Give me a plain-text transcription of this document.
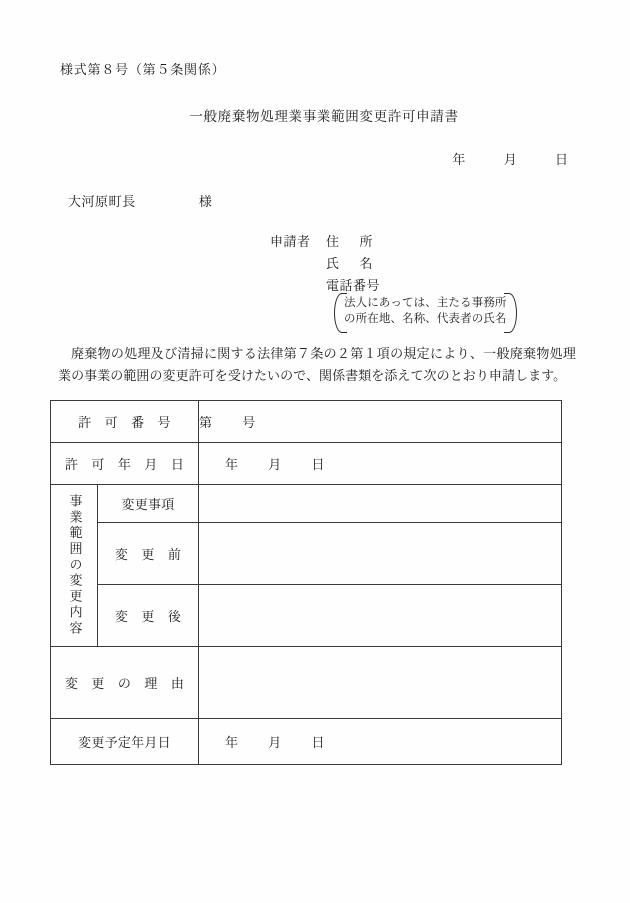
様式第８号（第５条関係）
一般廃棄物処理業事業範囲変更許可申請書
年	月	日
大河原町長	様
申請者	住 所
氏 名
電話番号
法人にあっては、主たる事務所
の所在地、名称、代表者の氏名
廃棄物の処理及び清掃に関する法律第７条の２第１項の規定により、一般廃棄物処理業の事業の範囲の変更許可を受けたいので、関係書類を添えて次のとおり申請します。
許　可　番　号		第 号
許　可　年　月　日		年 月 日

事業範囲の変更内容	変更事項	
	変　更　前	
	変　更　後	
変　更　の　理　由		
変更予定年月日		年 月 日
